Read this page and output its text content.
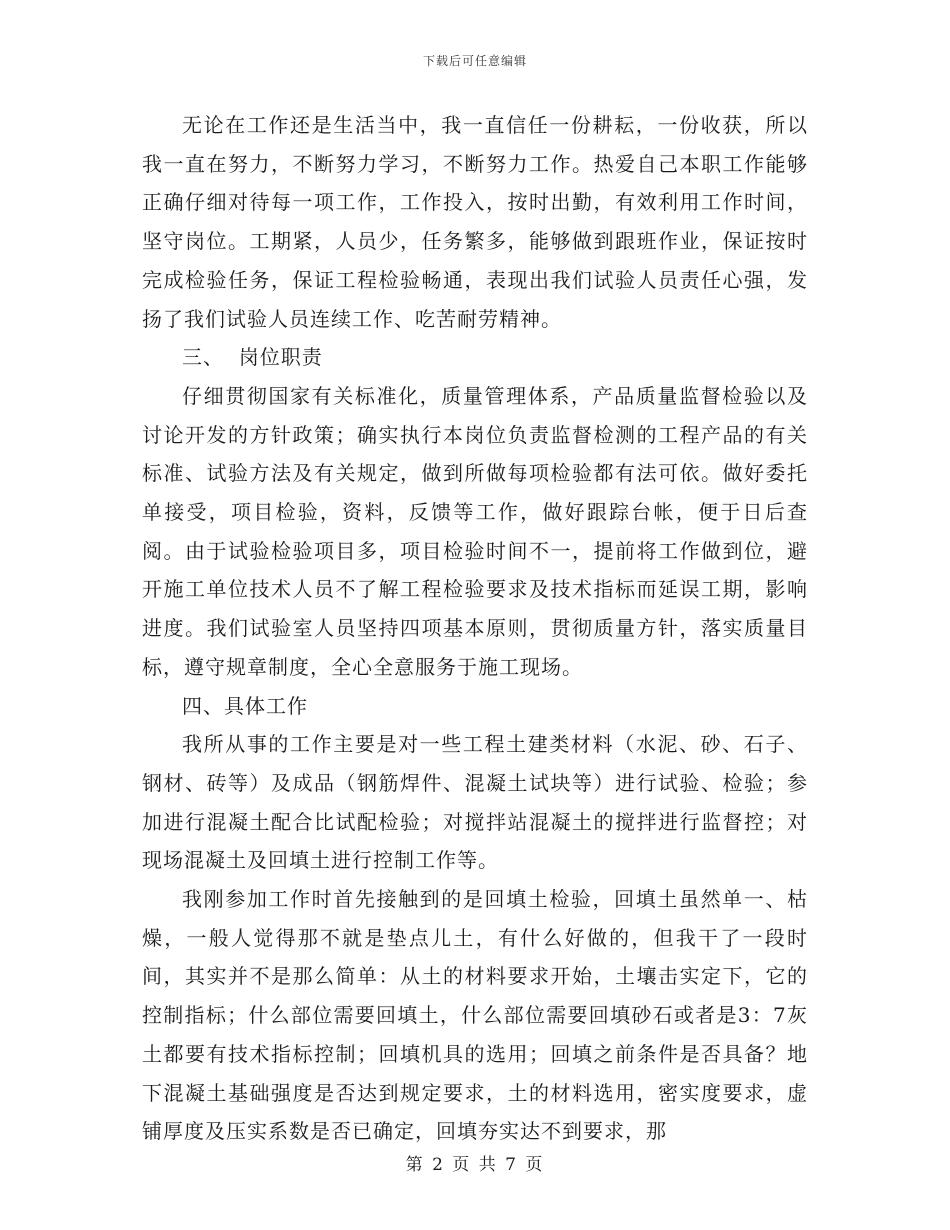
下载后可任意编辑

无论在工作还是生活当中，我一直信任一份耕耘，一份收获，所以我一直在努力，不断努力学习，不断努力工作。热爱自己本职工作能够正确仔细对待每一项工作，工作投入，按时出勤，有效利用工作时间，坚守岗位。工期紧，人员少，任务繁多，能够做到跟班作业，保证按时完成检验任务，保证工程检验畅通，表现出我们试验人员责任心强，发扬了我们试验人员连续工作、吃苦耐劳精神。

三、  岗位职责

仔细贯彻国家有关标准化，质量管理体系，产品质量监督检验以及讨论开发的方针政策；确实执行本岗位负责监督检测的工程产品的有关标准、试验方法及有关规定，做到所做每项检验都有法可依。做好委托单接受，项目检验，资料，反馈等工作，做好跟踪台帐，便于日后查阅。由于试验检验项目多，项目检验时间不一，提前将工作做到位，避开施工单位技术人员不了解工程检验要求及技术指标而延误工期，影响进度。我们试验室人员坚持四项基本原则，贯彻质量方针，落实质量目标，遵守规章制度，全心全意服务于施工现场。

四、具体工作

我所从事的工作主要是对一些工程土建类材料（水泥、砂、石子、钢材、砖等）及成品（钢筋焊件、混凝土试块等）进行试验、检验；参加进行混凝土配合比试配检验；对搅拌站混凝土的搅拌进行监督控；对现场混凝土及回填土进行控制工作等。

我刚参加工作时首先接触到的是回填土检验，回填土虽然单一、枯燥，一般人觉得那不就是垫点儿土，有什么好做的，但我干了一段时间，其实并不是那么简单：从土的材料要求开始，土壤击实定下，它的控制指标；什么部位需要回填土，什么部位需要回填砂石或者是3：7灰土都要有技术指标控制；回填机具的选用；回填之前条件是否具备？地下混凝土基础强度是否达到规定要求，土的材料选用，密实度要求，虚铺厚度及压实系数是否已确定，回填夯实达不到要求，那

第 2 页 共 7 页
